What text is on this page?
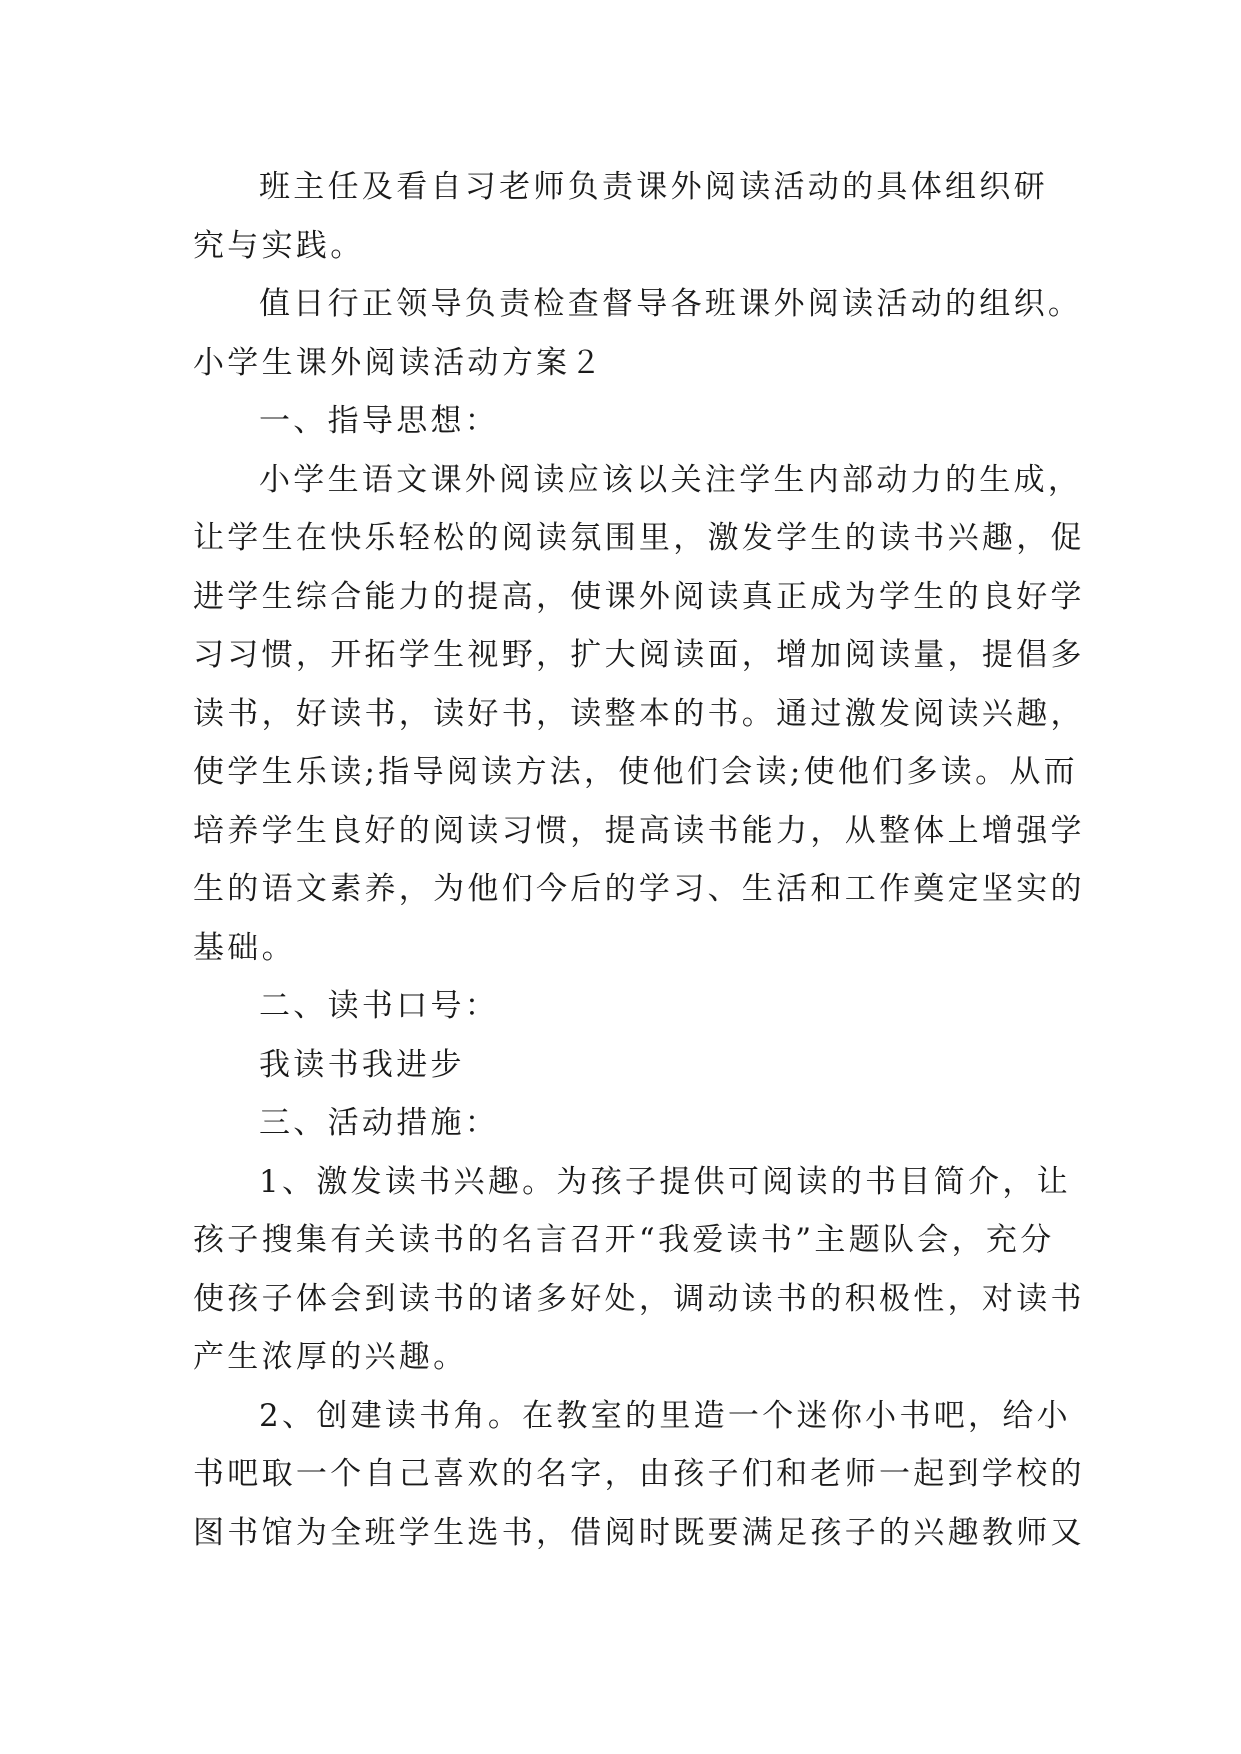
班主任及看自习老师负责课外阅读活动的具体组织研
究与实践。
值日行正领导负责检查督导各班课外阅读活动的组织。
小学生课外阅读活动方案２
一、指导思想：
小学生语文课外阅读应该以关注学生内部动力的生成，
让学生在快乐轻松的阅读氛围里，激发学生的读书兴趣，促
进学生综合能力的提高，使课外阅读真正成为学生的良好学
习习惯，开拓学生视野，扩大阅读面，增加阅读量，提倡多
读书，好读书，读好书，读整本的书。通过激发阅读兴趣，
使学生乐读;指导阅读方法，使他们会读;使他们多读。从而
培养学生良好的阅读习惯，提高读书能力，从整体上增强学
生的语文素养，为他们今后的学习、生活和工作奠定坚实的
基础。
二、读书口号：
我读书我进步
三、活动措施：
1、激发读书兴趣。为孩子提供可阅读的书目简介，让
孩子搜集有关读书的名言召开“我爱读书”主题队会，充分
使孩子体会到读书的诸多好处，调动读书的积极性，对读书
产生浓厚的兴趣。
2、创建读书角。在教室的里造一个迷你小书吧，给小
书吧取一个自己喜欢的名字，由孩子们和老师一起到学校的
图书馆为全班学生选书，借阅时既要满足孩子的兴趣教师又
